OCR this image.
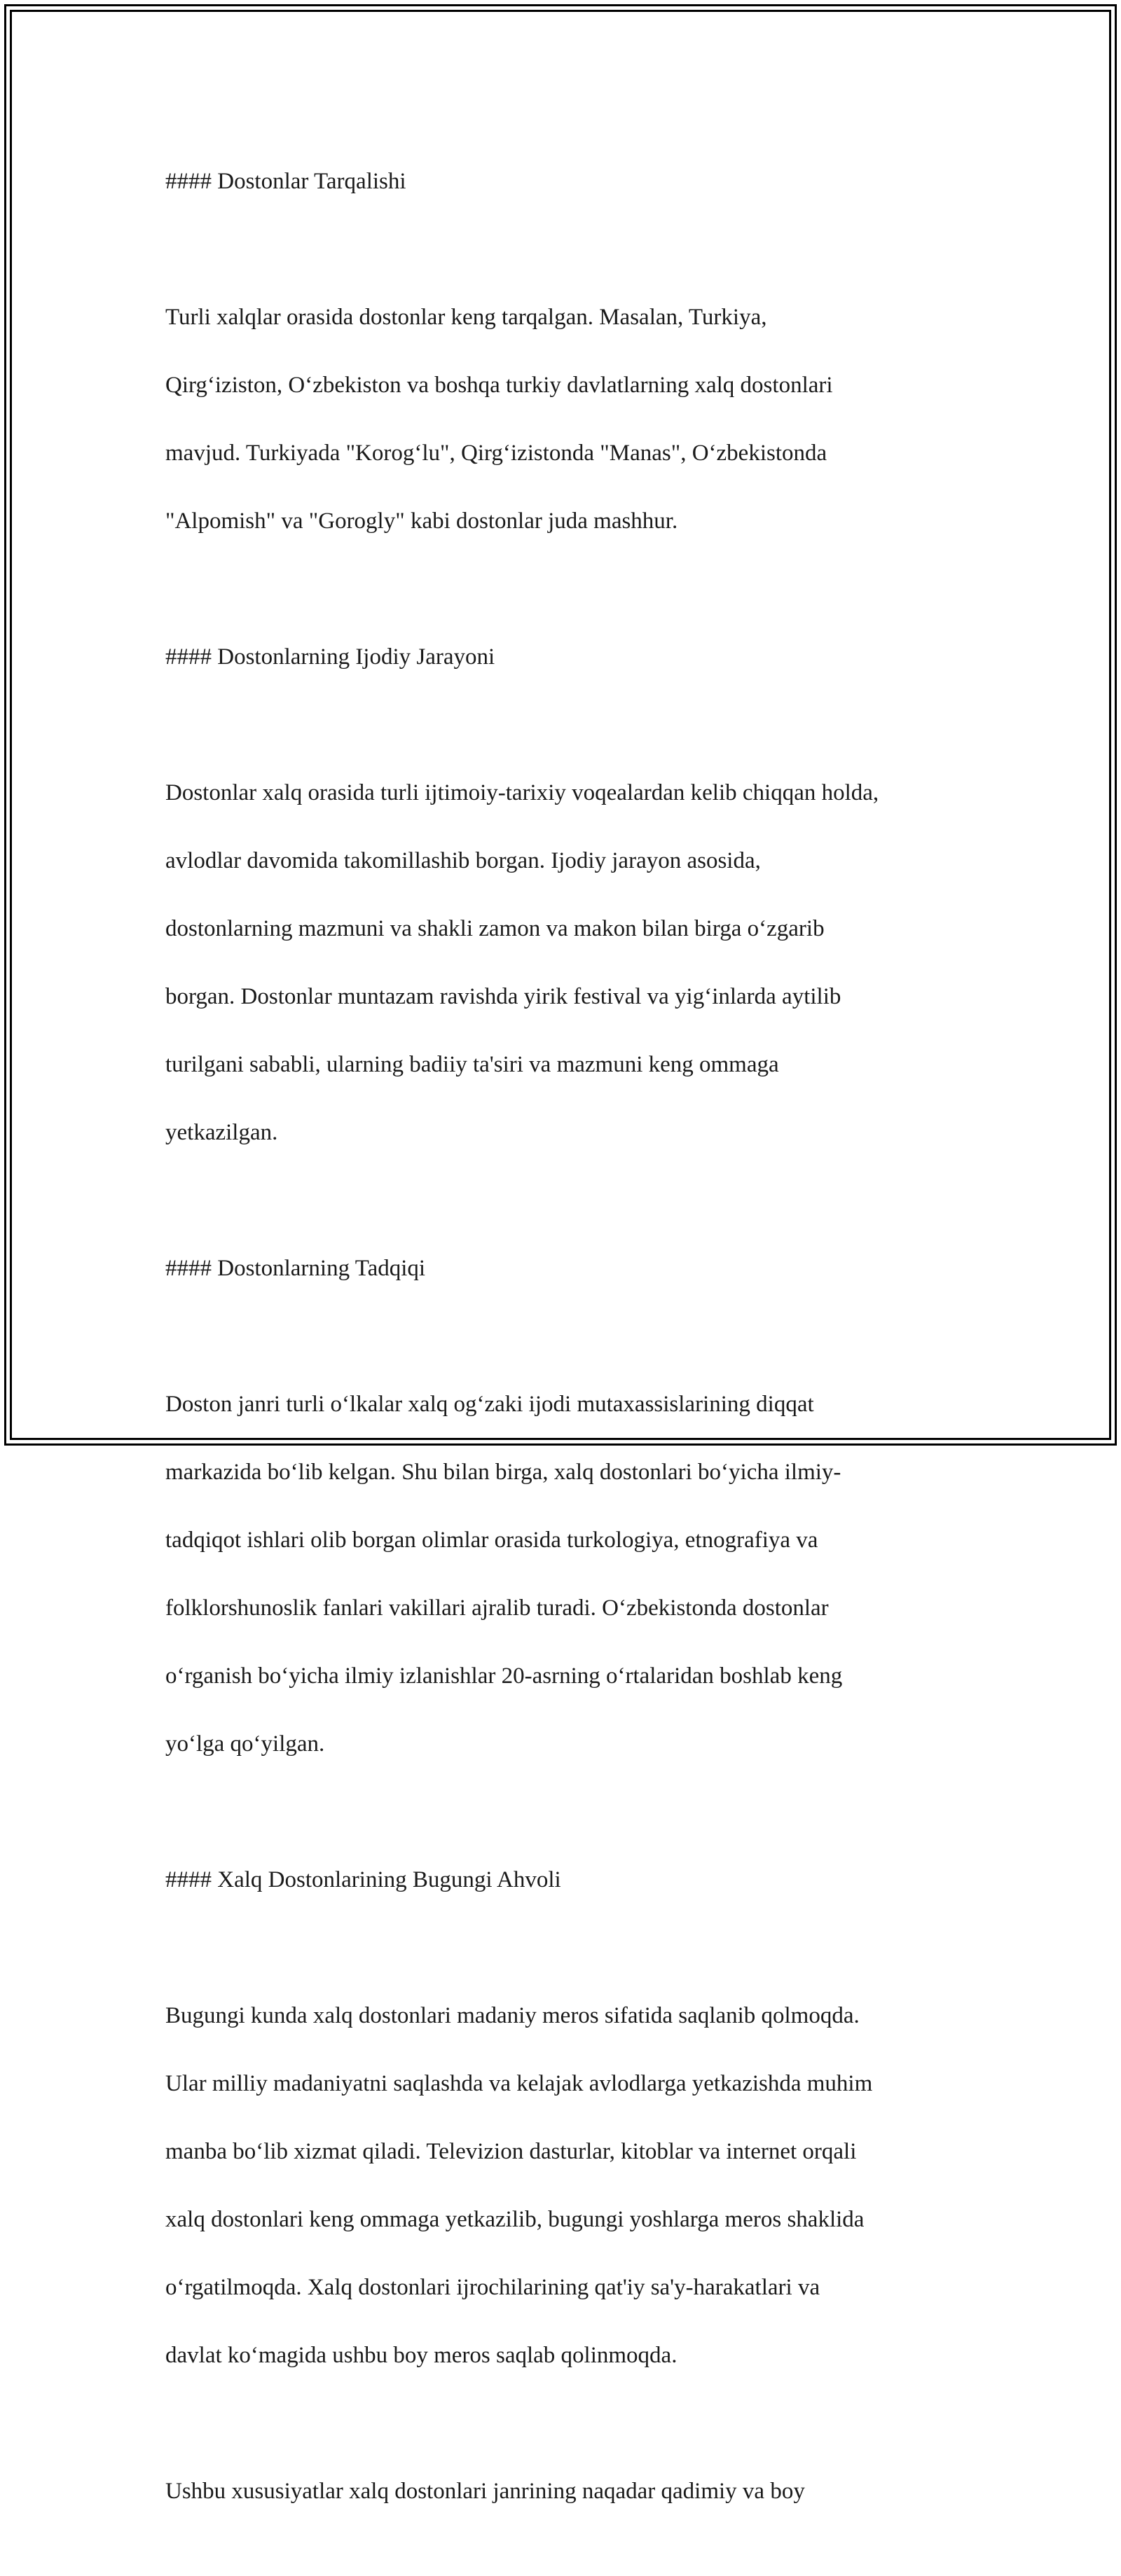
#### Dostonlar Tarqalishi

Turli xalqlar orasida dostonlar keng tarqalgan. Masalan, Turkiya,

Qirg‘iziston, O‘zbekiston va boshqa turkiy davlatlarning xalq dostonlari

mavjud. Turkiyada "Korog‘lu", Qirg‘izistonda "Manas", O‘zbekistonda

"Alpomish" va "Gorogly" kabi dostonlar juda mashhur.

#### Dostonlarning Ijodiy Jarayoni

Dostonlar xalq orasida turli ijtimoiy-tarixiy voqealardan kelib chiqqan holda,

avlodlar davomida takomillashib borgan. Ijodiy jarayon asosida,

dostonlarning mazmuni va shakli zamon va makon bilan birga o‘zgarib

borgan. Dostonlar muntazam ravishda yirik festival va yig‘inlarda aytilib

turilgani sababli, ularning badiiy ta'siri va mazmuni keng ommaga

yetkazilgan.

#### Dostonlarning Tadqiqi

Doston janri turli o‘lkalar xalq og‘zaki ijodi mutaxassislarining diqqat

markazida bo‘lib kelgan. Shu bilan birga, xalq dostonlari bo‘yicha ilmiy-

tadqiqot ishlari olib borgan olimlar orasida turkologiya, etnografiya va

folklorshunoslik fanlari vakillari ajralib turadi. O‘zbekistonda dostonlar

o‘rganish bo‘yicha ilmiy izlanishlar 20-asrning o‘rtalaridan boshlab keng

yo‘lga qo‘yilgan.

#### Xalq Dostonlarining Bugungi Ahvoli

Bugungi kunda xalq dostonlari madaniy meros sifatida saqlanib qolmoqda.

Ular milliy madaniyatni saqlashda va kelajak avlodlarga yetkazishda muhim

manba bo‘lib xizmat qiladi. Televizion dasturlar, kitoblar va internet orqali

xalq dostonlari keng ommaga yetkazilib, bugungi yoshlarga meros shaklida

o‘rgatilmoqda. Xalq dostonlari ijrochilarining qat'iy sa'y-harakatlari va

davlat ko‘magida ushbu boy meros saqlab qolinmoqda.

Ushbu xususiyatlar xalq dostonlari janrining naqadar qadimiy va boy
